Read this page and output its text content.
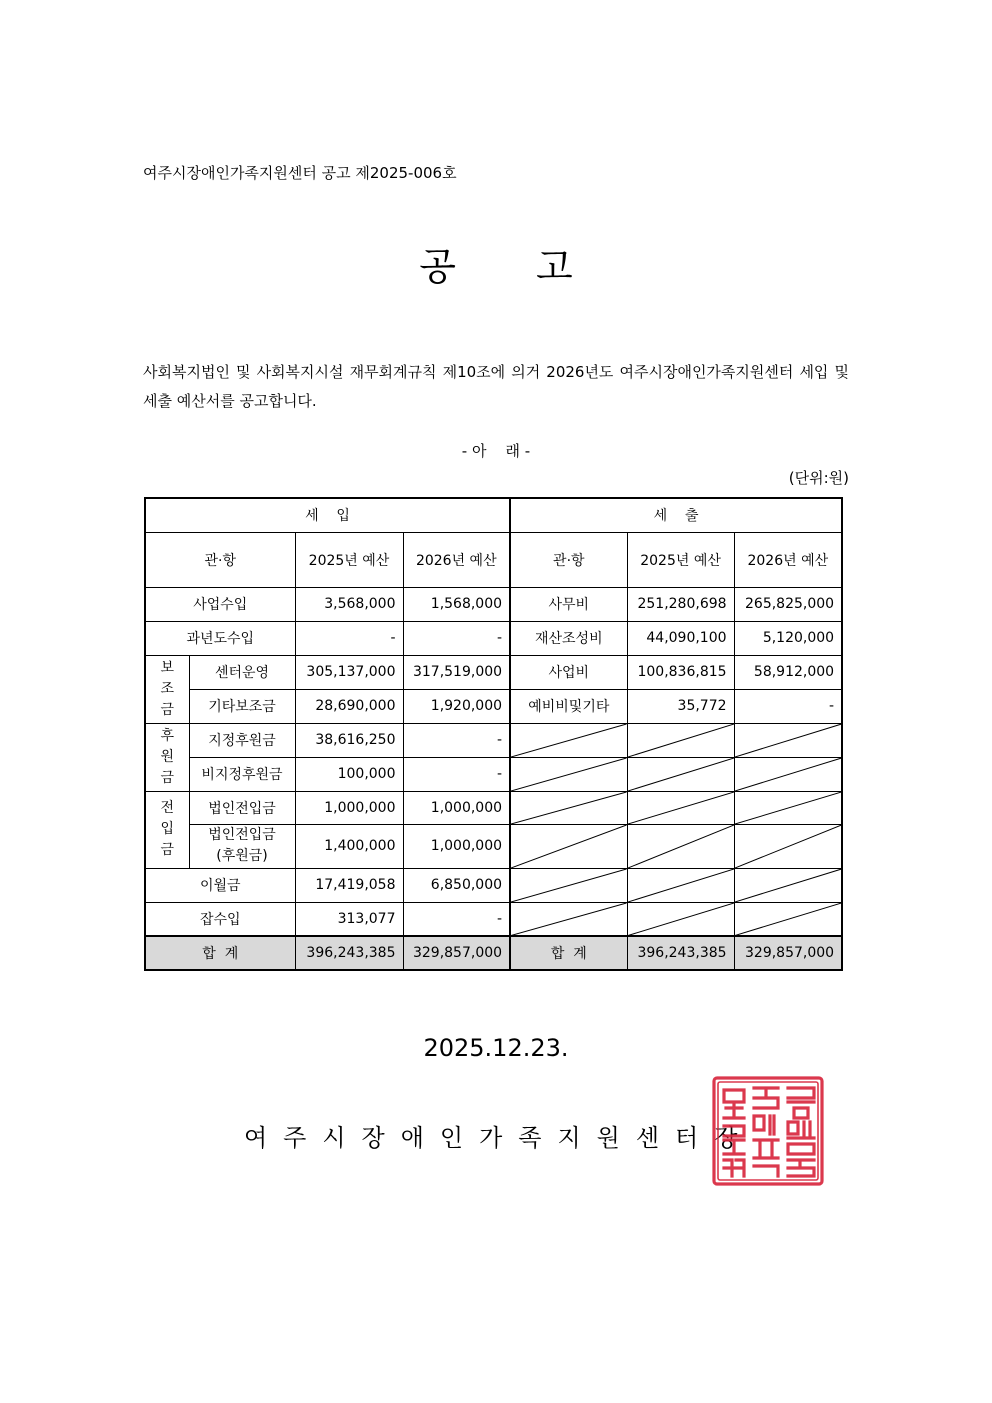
여주시장애인가족지원센터 공고 제2025-006호
공 고
사회복지법인 및 사회복지시설 재무회계규칙 제10조에 의거 2026년도 여주시장애인가족지원센터 세입 및 세출 예산서를 공고합니다.
- 아    래 -
(단위:원)
세    입				세    출		
관·항		2025년 예산	2026년 예산	관·항	2025년 예산	2026년 예산
사업수입		3,568,000	1,568,000	사무비	251,280,698	265,825,000
과년도수입		-	-	재산조성비	44,090,100	5,120,000
보
조
금	센터운영	305,137,000	317,519,000	사업비	100,836,815	58,912,000
	기타보조금	28,690,000	1,920,000	예비비및기타	35,772	-
후
원
금	지정후원금	38,616,250	-	

	비지정후원금	100,000	-	

전
입
금	법인전입금	1,000,000	1,000,000	

	법인전입금
(후원금)	1,400,000	1,000,000	

이월금		17,419,058	6,850,000	

잡수입		313,077	-	

합  계		396,243,385	329,857,000	합  계	396,243,385	329,857,000
2025.12.23.
여주시장애인가족지원센터장
